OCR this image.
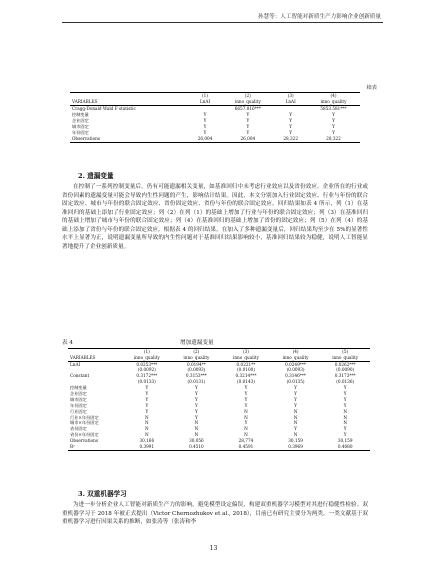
孙慧等：人工智能对新质生产力影响企业创新质量
续表
	(1)	(2)	(3)	(4)
VARIABLES	LnAI	inno_quality	LnAI	inno_quality
Cragg-Donald Wald F statistic		6657.816***		5853.581***
控制变量	Y	Y	Y	Y
企业固定	Y	Y	Y	Y
城市固定	Y	Y	Y	Y
年份固定	Y	Y	Y	Y
Observations	26,004	26,004	28,322	28,322
2. 遗漏变量

在控制了一系列控制变量后，仍有可能遗漏相关变量，如基准回归中未考虑行业效应以及省份效应。企业所在的行业或省份因素的遗漏变量可能会导致内生性问题的产生，影响估计结果。因此，本文分别加入行业固定效应、行业与年份的联合固定效应、城市与年份的联合固定效应、省份固定效应、省份与年份的联合固定效应。回归结果如表 4 所示，列（1）在基准回归的基础上添加了行业固定效应；列（2）在列（1）的基础上增加了行业与年份的联合固定效应；列（3）在基准回归的基础上增加了城市与年份的联合固定效应；列（4）在基准回归的基础上增加了省份的固定效应；列（5）在列（4）的基础上添加了省份与年份的联合固定效应。根据表 4 的回归结果，在加入了多种遗漏变量后，回归结果均至少在 5%的显著性水平上显著为正，说明遗漏变量所导致的内生性问题对于基准回归结果影响较小，基准回归结果较为稳健，说明人工智能显著地提升了企业创新质量。

表 4	增加遗漏变量
	(1)	(2)	(3)	(4)	(5)
VARIABLES	inno_quality	inno_quality	inno_quality	inno_quality	inno_quality
LnAI	0.0253***	0.0194**	0.0221**	0.0249***	0.0262***
	(0.0092)	(0.0093)	(0.0100)	(0.0093)	(0.0090)
Constant	0.3172***	0.3153***	0.3214***	0.3146***	0.3173***
	(0.0133)	(0.0131)	(0.0143)	(0.0135)	(0.0136)
控制变量	Y	Y	Y	Y	Y
企业固定	Y	Y	Y	Y	Y
城市固定	Y	Y	Y	Y	Y
年份固定	Y	Y	Y	Y	Y
行业固定	Y	Y	N	N	N
行业×年份固定	N	Y	N	N	N
城市×年份固定	N	N	Y	N	N
省份固定	N	N	N	Y	Y
省份×年份固定	N	N	N	N	Y
Observations	30,166	30,056	28,774	30,159	30,159
R²	0.3991	0.4510	0.4591	0.3969	0.4080
3. 双重机器学习

为进一步分析企业人工智能对新质生产力的影响，避免模型设定偏误，构建双重机器学习模型对其进行稳健性检验。双重机器学习于 2018 年被正式提出（Victor Chernozhukov et al., 2018），目前已有研究主要分为两类。一类文献基于双重机器学习进行因果关系的推断，如张涛等（张涛和李

13
